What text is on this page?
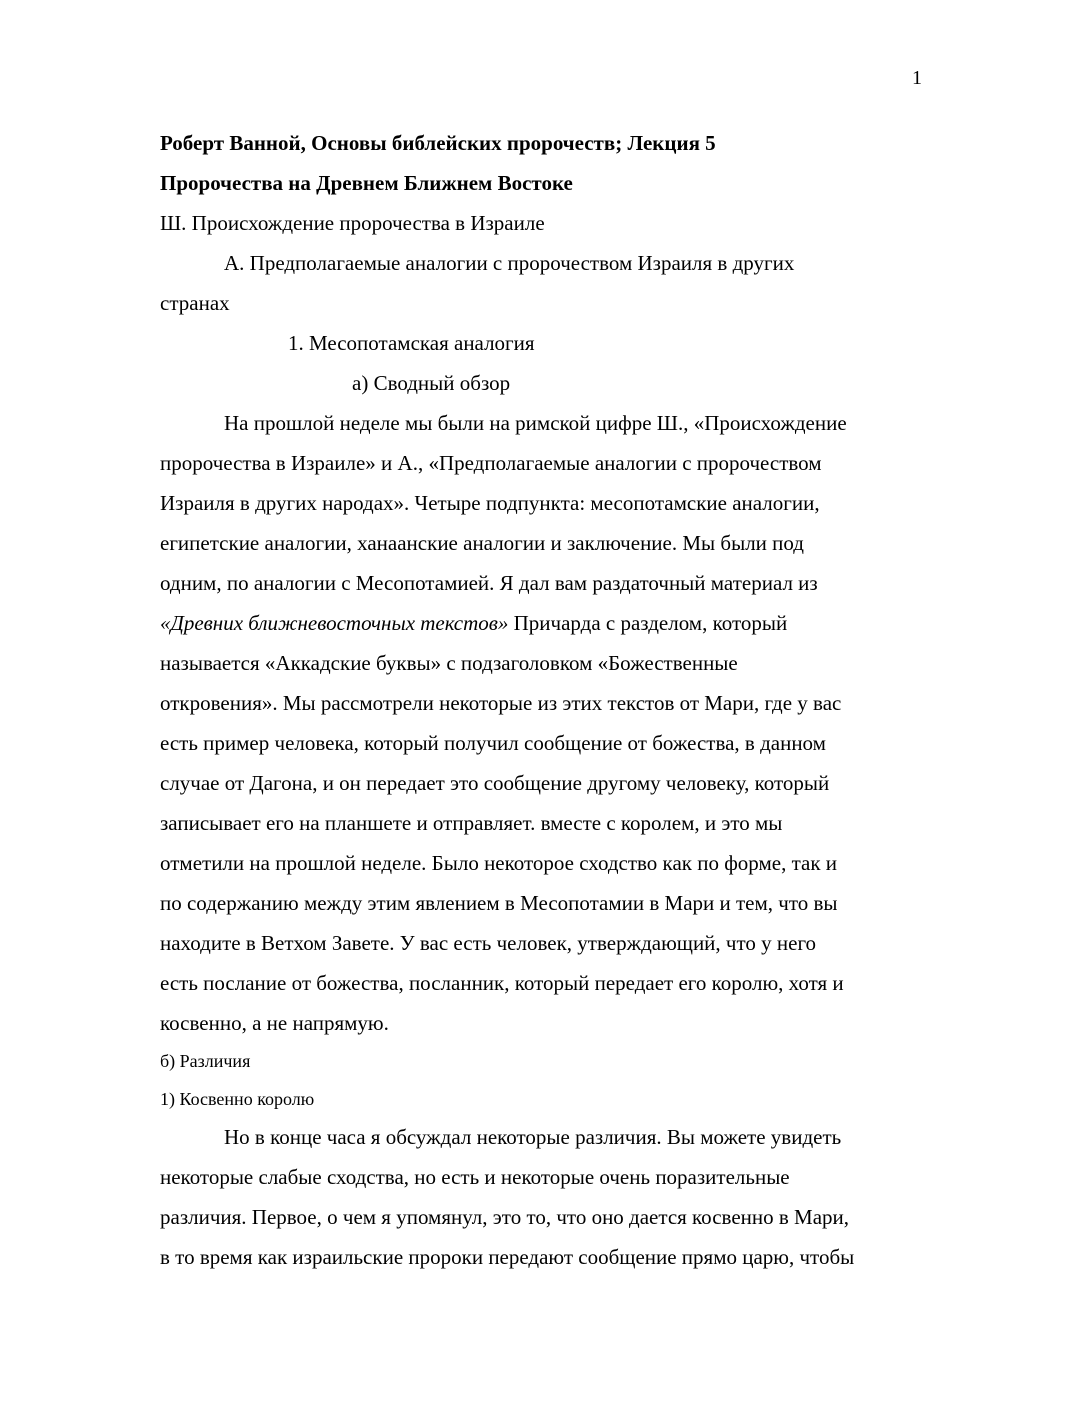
1
Роберт Ванной, Основы библейских пророчеств; Лекция 5
Пророчества на Древнем Ближнем Востоке
Ш. Происхождение пророчества в Израиле
А. Предполагаемые аналогии с пророчеством Израиля в других
странах
1. Месопотамская аналогия
а) Сводный обзор
На прошлой неделе мы были на римской цифре Ш., «Происхождение
пророчества в Израиле» и А., «Предполагаемые аналогии с пророчеством
Израиля в других народах». Четыре подпункта: месопотамские аналогии,
египетские аналогии, ханаанские аналогии и заключение. Мы были под
одним, по аналогии с Месопотамией. Я дал вам раздаточный материал из
«Древних ближневосточных текстов» Причарда с разделом, который
называется «Аккадские буквы» с подзаголовком «Божественные
откровения». Мы рассмотрели некоторые из этих текстов от Мари, где у вас
есть пример человека, который получил сообщение от божества, в данном
случае от Дагона, и он передает это сообщение другому человеку, который
записывает его на планшете и отправляет. вместе с королем, и это мы
отметили на прошлой неделе. Было некоторое сходство как по форме, так и
по содержанию между этим явлением в Месопотамии в Мари и тем, что вы
находите в Ветхом Завете. У вас есть человек, утверждающий, что у него
есть послание от божества, посланник, который передает его королю, хотя и
косвенно, а не напрямую.
б) Различия
1) Косвенно королю
Но в конце часа я обсуждал некоторые различия. Вы можете увидеть
некоторые слабые сходства, но есть и некоторые очень поразительные
различия. Первое, о чем я упомянул, это то, что оно дается косвенно в Мари,
в то время как израильские пророки передают сообщение прямо царю, чтобы
